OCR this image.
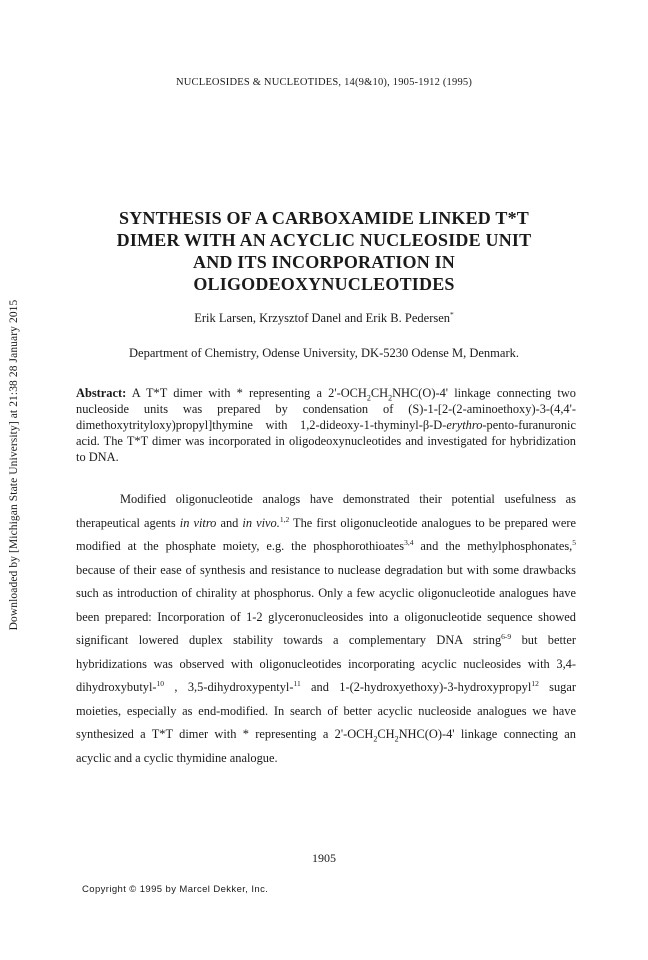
Downloaded by [Michigan State University] at 21:38 28 January 2015
NUCLEOSIDES & NUCLEOTIDES, 14(9&10), 1905-1912 (1995)
SYNTHESIS OF A CARBOXAMIDE LINKED T*T
DIMER WITH AN ACYCLIC NUCLEOSIDE UNIT
AND ITS INCORPORATION IN
OLIGODEOXYNUCLEOTIDES
Erik Larsen, Krzysztof Danel and Erik B. Pedersen*
Department of Chemistry, Odense University, DK-5230 Odense M, Denmark.

Abstract: A T*T dimer with * representing a $2'-OCH_2CH_2NHC(O)-4'$ linkage connecting two nucleoside units was prepared by condensation of (S)-1-[2-(2-aminoethoxy)-3-(4,4'-dimethoxytrityloxy)propyl]thymine with 1,2-dideoxy-1-thyminyl-β-D-erythro-pento-furanuronic acid. The T*T dimer was incorporated in oligodeoxynucleotides and investigated for hybridization to DNA.

Modified oligonucleotide analogs have demonstrated their potential usefulness as therapeutical agents in vitro and in vivo.$^{1,2}$ The first oligonucleotide analogues to be prepared were modified at the phosphate moiety, e.g. the phosphorothioates$^{3,4}$ and the methylphosphonates,$^5$ because of their ease of synthesis and resistance to nuclease degradation but with some drawbacks such as introduction of chirality at phosphorus. Only a few acyclic oligonucleotide analogues have been prepared: Incorporation of 1-2 glyceronucleosides into a oligonucleotide sequence showed significant lowered duplex stability towards a complementary DNA string$^{6-9}$ but better hybridizations was observed with oligonucleotides incorporating acyclic nucleosides with 3,4-dihydroxybutyl-$^{10}$ , 3,5-dihydroxypentyl-$^{11}$ and 1-(2-hydroxyethoxy)-3-hydroxypropyl$^{12}$ sugar moieties, especially as end-modified. In search of better acyclic nucleoside analogues we have synthesized a T*T dimer with * representing a $2'-OCH_2CH_2NHC(O)-4'$ linkage connecting an acyclic and a cyclic thymidine analogue.

1905
Copyright © 1995 by Marcel Dekker, Inc.
